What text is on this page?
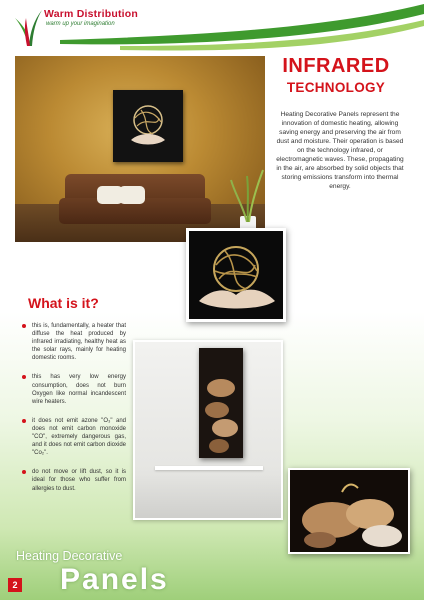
Warm Distribution
warm up your imagination
INFRARED
TECHNOLOGY
Heating Decorative Panels represent the innovation of domestic heating, allowing saving energy and preserving the air from dust and moisture. Their operation is based on the technology infrared, or electromagnetic waves. These, propagating in the air, are absorbed by solid objects that storing emissions transform into thermal energy.
What is it?
this is, fundamentally, a heater that diffuse the heat produced by infrared irradiating, healthy heat as the solar rays, mainly for heating domestic rooms.
this has very low energy consumption, does not burn Oxygen like normal incandescent wire heaters.
it does not emit azone "O₃" and does not emit carbon monoxide "CO", extremely dangerous gas, and it does not emit carbon dioxide "Co₂".
do not move or lift dust, so it is ideal for those who suffer from allergies to dust.
Heating Decorative
Panels
2
